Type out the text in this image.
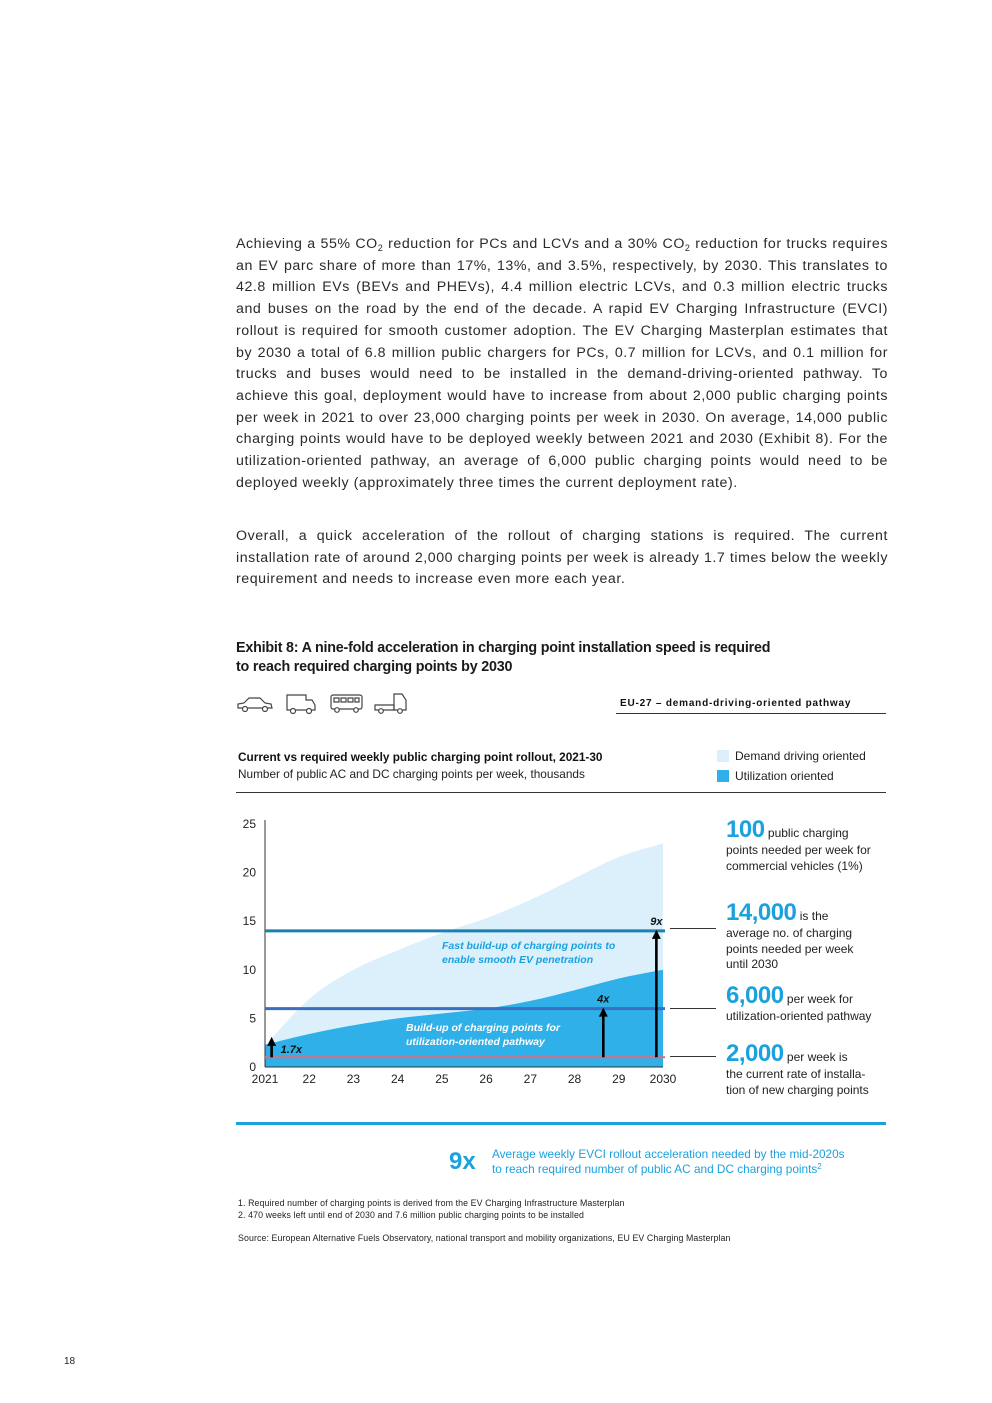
Achieving a 55% $CO_2$ reduction for PCs and LCVs and a 30% $CO_2$ reduction for trucks requires an EV parc share of more than 17%, 13%, and 3.5%, respectively, by 2030. This translates to 42.8 million EVs (BEVs and PHEVs), 4.4 million electric LCVs, and 0.3 million electric trucks and buses on the road by the end of the decade. A rapid EV Charging Infrastructure (EVCI) rollout is required for smooth customer adoption. The EV Charging Masterplan estimates that by 2030 a total of 6.8 million public chargers for PCs, 0.7 million for LCVs, and 0.1 million for trucks and buses would need to be installed in the demand-driving-oriented pathway. To achieve this goal, deployment would have to increase from about 2,000 public charging points per week in 2021 to over 23,000 charging points per week in 2030. On average, 14,000 public charging points would have to be deployed weekly between 2021 and 2030 (Exhibit 8). For the utilization-oriented pathway, an average of 6,000 public charging points would need to be deployed weekly (approximately three times the current deployment rate).

Overall, a quick acceleration of the rollout of charging stations is required. The current installation rate of around 2,000 charging points per week is already 1.7 times below the weekly requirement and needs to increase even more each year.

Exhibit 8: A nine-fold acceleration in charging point installation speed is required
to reach required charging points by 2030
EU-27 – demand-driving-oriented pathway
Current vs required weekly public charging point rollout, 2021-30
Number of public AC and DC charging points per week, thousands
Demand driving oriented
Utilization oriented
0
5
10
15
20
25
2021 22	23	24	25	26	27	28	29 2030
1.7x
4x
9x
Fast build-up of charging points to
enable smooth EV penetration
Build-up of charging points for
utilization-oriented pathway
100 public charging
points needed per week for
commercial vehicles (1%)
14,000 is the
average no. of charging
points needed per week
until 2030
6,000 per week for
utilization-oriented pathway
2,000 per week is
the current rate of installa-
tion of new charging points
9x Average weekly EVCI rollout acceleration needed by the mid-2020s
to reach required number of public AC and DC charging points$^2$
1. Required number of charging points is derived from the EV Charging Infrastructure Masterplan
2. 470 weeks left until end of 2030 and 7.6 million public charging points to be installed
Source: European Alternative Fuels Observatory, national transport and mobility organizations, EU EV Charging Masterplan
18
